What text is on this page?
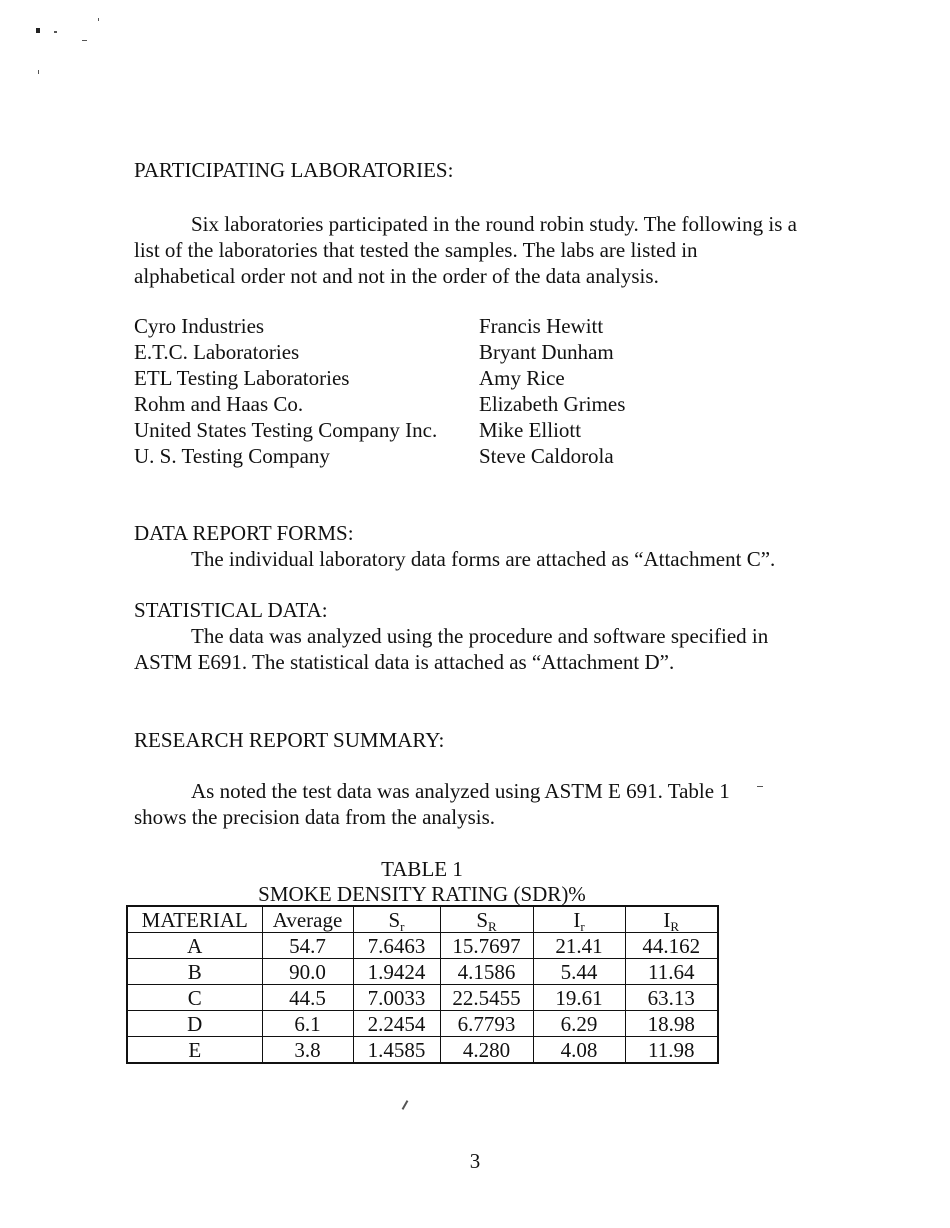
PARTICIPATING LABORATORIES:
Six laboratories participated in the round robin study. The following is a list of the laboratories that tested the samples. The labs are listed in alphabetical order not and not in the order of the data analysis.
Cyro Industries	Francis Hewitt
E.T.C. Laboratories	Bryant Dunham
ETL Testing Laboratories	Amy Rice
Rohm and Haas Co.	Elizabeth Grimes
United States Testing Company Inc. Mike Elliott
U. S. Testing Company	Steve Caldorola
DATA REPORT FORMS:
The individual laboratory data forms are attached as “Attachment C”.
STATISTICAL DATA:
The data was analyzed using the procedure and software specified in ASTM E691. The statistical data is attached as “Attachment D”.
RESEARCH REPORT SUMMARY:
As noted the test data was analyzed using ASTM E 691. Table 1 shows the precision data from the analysis.
TABLE 1
SMOKE DENSITY RATING (SDR)%
MATERIAL	Average	$S_r$	$S_R$	$I_r$	$I_R$
A	54.7	7.6463	15.7697	21.41	44.162
B	90.0	1.9424	4.1586	5.44	11.64
C	44.5	7.0033	22.5455	19.61	63.13
D	6.1	2.2454	6.7793	6.29	18.98
E	3.8	1.4585	4.280	4.08	11.98
3
